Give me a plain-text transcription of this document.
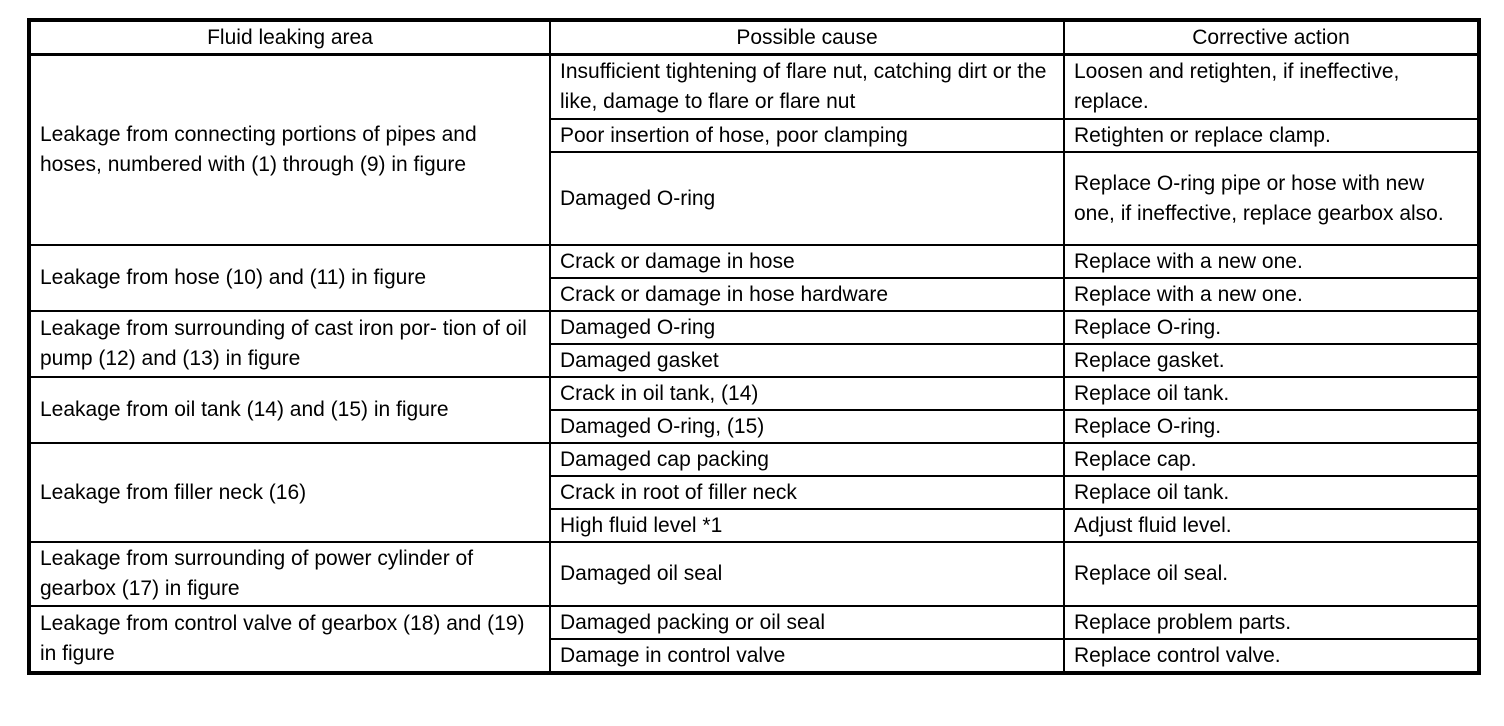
Fluid leaking area	Possible cause	Corrective action
Leakage from connecting portions of pipes and hoses, numbered with (1) through (9) in figure	Insufficient tightening of flare nut, catching dirt or the like, damage to flare or flare nut	Loosen and retighten, if ineffective, replace.
	Poor insertion of hose, poor clamping	Retighten or replace clamp.
	Damaged O-ring	Replace O-ring pipe or hose with new one, if ineffective, replace gearbox also.
Leakage from hose (10) and (11) in figure	Crack or damage in hose	Replace with a new one.
	Crack or damage in hose hardware	Replace with a new one.
Leakage from surrounding of cast iron por- tion of oil pump (12) and (13) in figure	Damaged O-ring	Replace O-ring.
	Damaged gasket	Replace gasket.
Leakage from oil tank (14) and (15) in figure	Crack in oil tank, (14)	Replace oil tank.
	Damaged O-ring, (15)	Replace O-ring.
Leakage from filler neck (16)	Damaged cap packing	Replace cap.
	Crack in root of filler neck	Replace oil tank.
	High fluid level *1	Adjust fluid level.
Leakage from surrounding of power cylinder of gearbox (17) in figure	Damaged oil seal	Replace oil seal.
Leakage from control valve of gearbox (18) and (19) in figure	Damaged packing or oil seal	Replace problem parts.
	Damage in control valve	Replace control valve.
